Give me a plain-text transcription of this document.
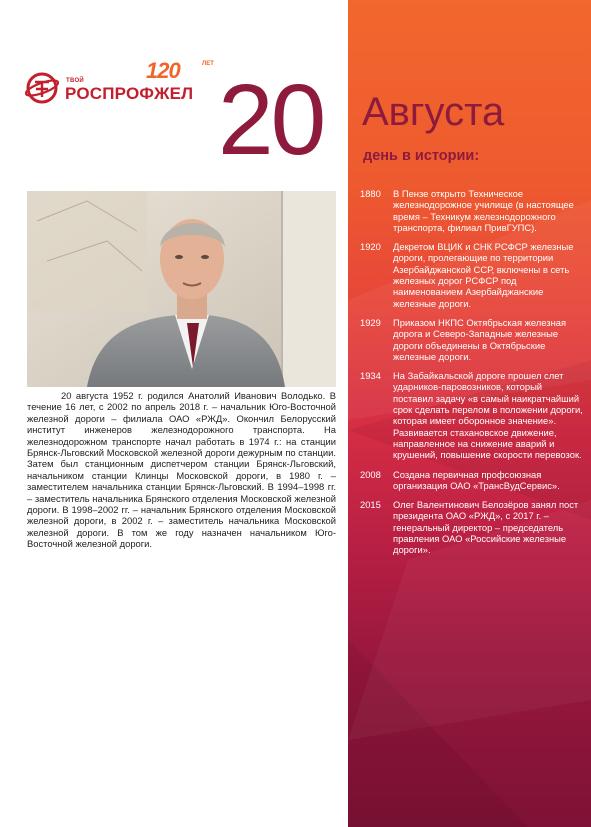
ТВОЙ
РОСПРОФЖЕЛ
120	ЛЕТ 20 Августа
день в истории:

20 августа 1952 г. родился Анатолий Иванович Володько. В течение 16 лет, с 2002 по апрель 2018 г. – начальник Юго-Восточной железной дороги – филиала ОАО «РЖД». Окончил Белорусский институт инженеров железнодорожного транспорта. На железнодорожном транспорте начал работать в 1974 г.: на станции Брянск-Льговский Московской железной дороги дежурным по станции. Затем был станционным диспетчером станции Брянск-Льговский, начальником станции Клинцы Московской дороги, в 1980 г. – заместителем начальника станции Брянск-Льговский. В 1994–1998 гг. – заместитель начальника Брянского отделения Московской железной дороги. В 1998–2002 гг. – начальник Брянского отделения Московской железной дороги, в 2002 г. – заместитель начальника Московской железной дороги. В том же году назначен начальником Юго-Восточной железной дороги.

1880 В Пензе открыто Техническое железнодорожное училище (в настоящее время – Техникум железнодорожного транспорта, филиал ПривГУПС).
1920 Декретом ВЦИК и СНК РСФСР железные дороги, пролегающие по территории Азербайджанской ССР, включены в сеть железных дорог РСФСР под наименованием Азербайджанские железные дороги.
1929 Приказом НКПС Октябрьская железная дорога и Северо-Западные железные дороги объединены в Октябрьские железные дороги.
1934 На Забайкальской дороге прошел слет ударников-паровозников, который поставил задачу «в самый наикратчайший срок сделать перелом в положении дороги, которая имеет оборонное значение». Развивается стахановское движение, направленное на снижение аварий и крушений, повышение скорости перевозок.
2008 Создана первичная профсоюзная организация ОАО «ТрансВудСервис».
2015 Олег Валентинович Белозёров занял пост президента ОАО «РЖД», с 2017 г. – генеральный директор – председатель правления ОАО «Российские железные дороги».
